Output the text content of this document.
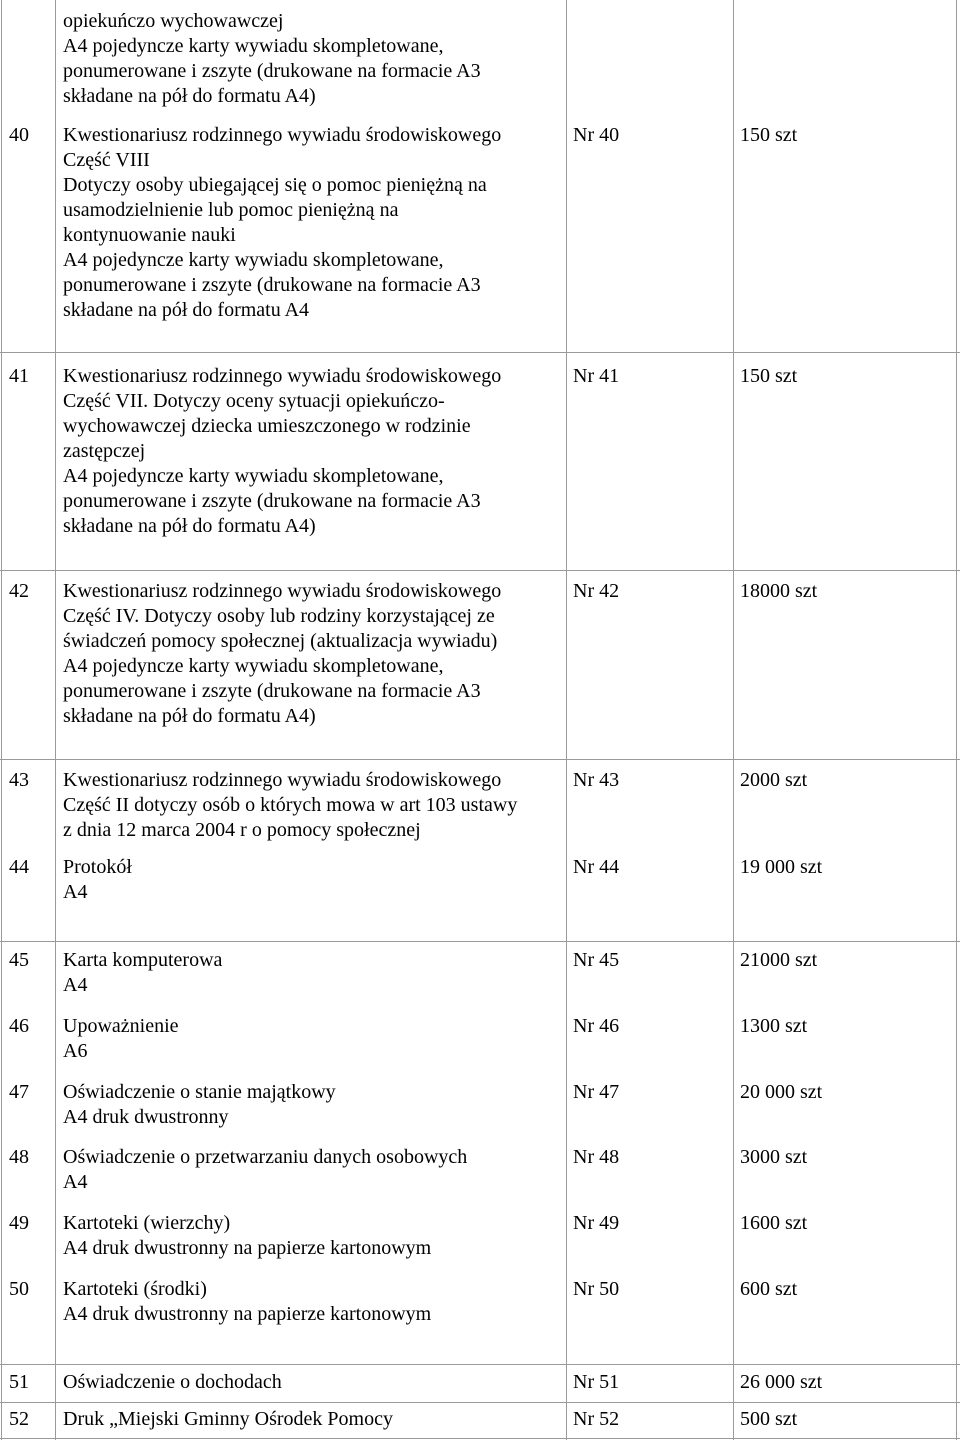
opiekuńczo wychowawczej
A4 pojedyncze karty wywiadu skompletowane,
ponumerowane i zszyte (drukowane na formacie A3
składane na pół do formatu A4)
40 Kwestionariusz rodzinnego wywiadu środowiskowego
Część VIII
Dotyczy osoby ubiegającej się o pomoc pieniężną na
usamodzielnienie lub pomoc pieniężną na
kontynuowanie nauki
A4 pojedyncze karty wywiadu skompletowane,
ponumerowane i zszyte (drukowane na formacie A3
składane na pół do formatu A4
Nr 40	150 szt
41 Kwestionariusz rodzinnego wywiadu środowiskowego
Część VII. Dotyczy oceny sytuacji opiekuńczo-
wychowawczej dziecka umieszczonego w rodzinie
zastępczej
A4 pojedyncze karty wywiadu skompletowane,
ponumerowane i zszyte (drukowane na formacie A3
składane na pół do formatu A4)
Nr 41	150 szt
42 Kwestionariusz rodzinnego wywiadu środowiskowego
Część IV. Dotyczy osoby lub rodziny korzystającej ze
świadczeń pomocy społecznej (aktualizacja wywiadu)
A4 pojedyncze karty wywiadu skompletowane,
ponumerowane i zszyte (drukowane na formacie A3
składane na pół do formatu A4)
Nr 42	18000 szt
43 Kwestionariusz rodzinnego wywiadu środowiskowego
Część II dotyczy osób o których mowa w art 103 ustawy
z dnia 12 marca 2004 r o pomocy społecznej
Nr 43	2000 szt
44 Protokół
A4
Nr 44	19 000 szt
45 Karta komputerowa
A4
Nr 45	21000 szt
46 Upoważnienie
A6
Nr 46	1300 szt
47 Oświadczenie o stanie majątkowy
A4 druk dwustronny
Nr 47	20 000 szt
48 Oświadczenie o przetwarzaniu danych osobowych
A4
Nr 48	3000 szt
49 Kartoteki (wierzchy)
A4 druk dwustronny na papierze kartonowym
Nr 49	1600 szt
50 Kartoteki (środki)
A4 druk dwustronny na papierze kartonowym
Nr 50	600 szt
51 Oświadczenie o dochodach	Nr 51	26 000 szt
52 Druk „Miejski Gminny Ośrodek Pomocy	Nr 52	500 szt
